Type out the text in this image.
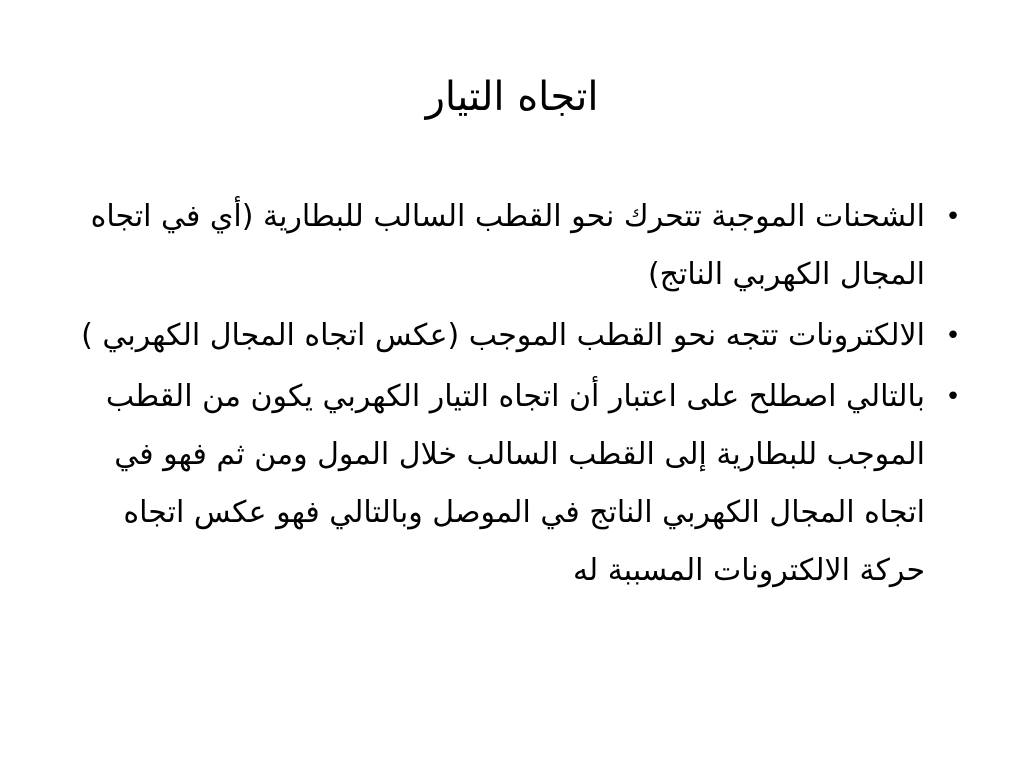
اتجاه التيار
•
الشحنات الموجبة تتحرك نحو القطب السالب للبطارية (أي في اتجاه المجال الكهربي الناتج)
•
الالكترونات تتجه نحو القطب الموجب (عكس اتجاه المجال الكهربي )
•
بالتالي اصطلح على اعتبار أن اتجاه التيار الكهربي يكون من القطب الموجب للبطارية إلى القطب السالب خلال المول ومن ثم فهو في اتجاه المجال الكهربي الناتج في الموصل وبالتالي فهو عكس اتجاه حركة الالكترونات المسببة له
